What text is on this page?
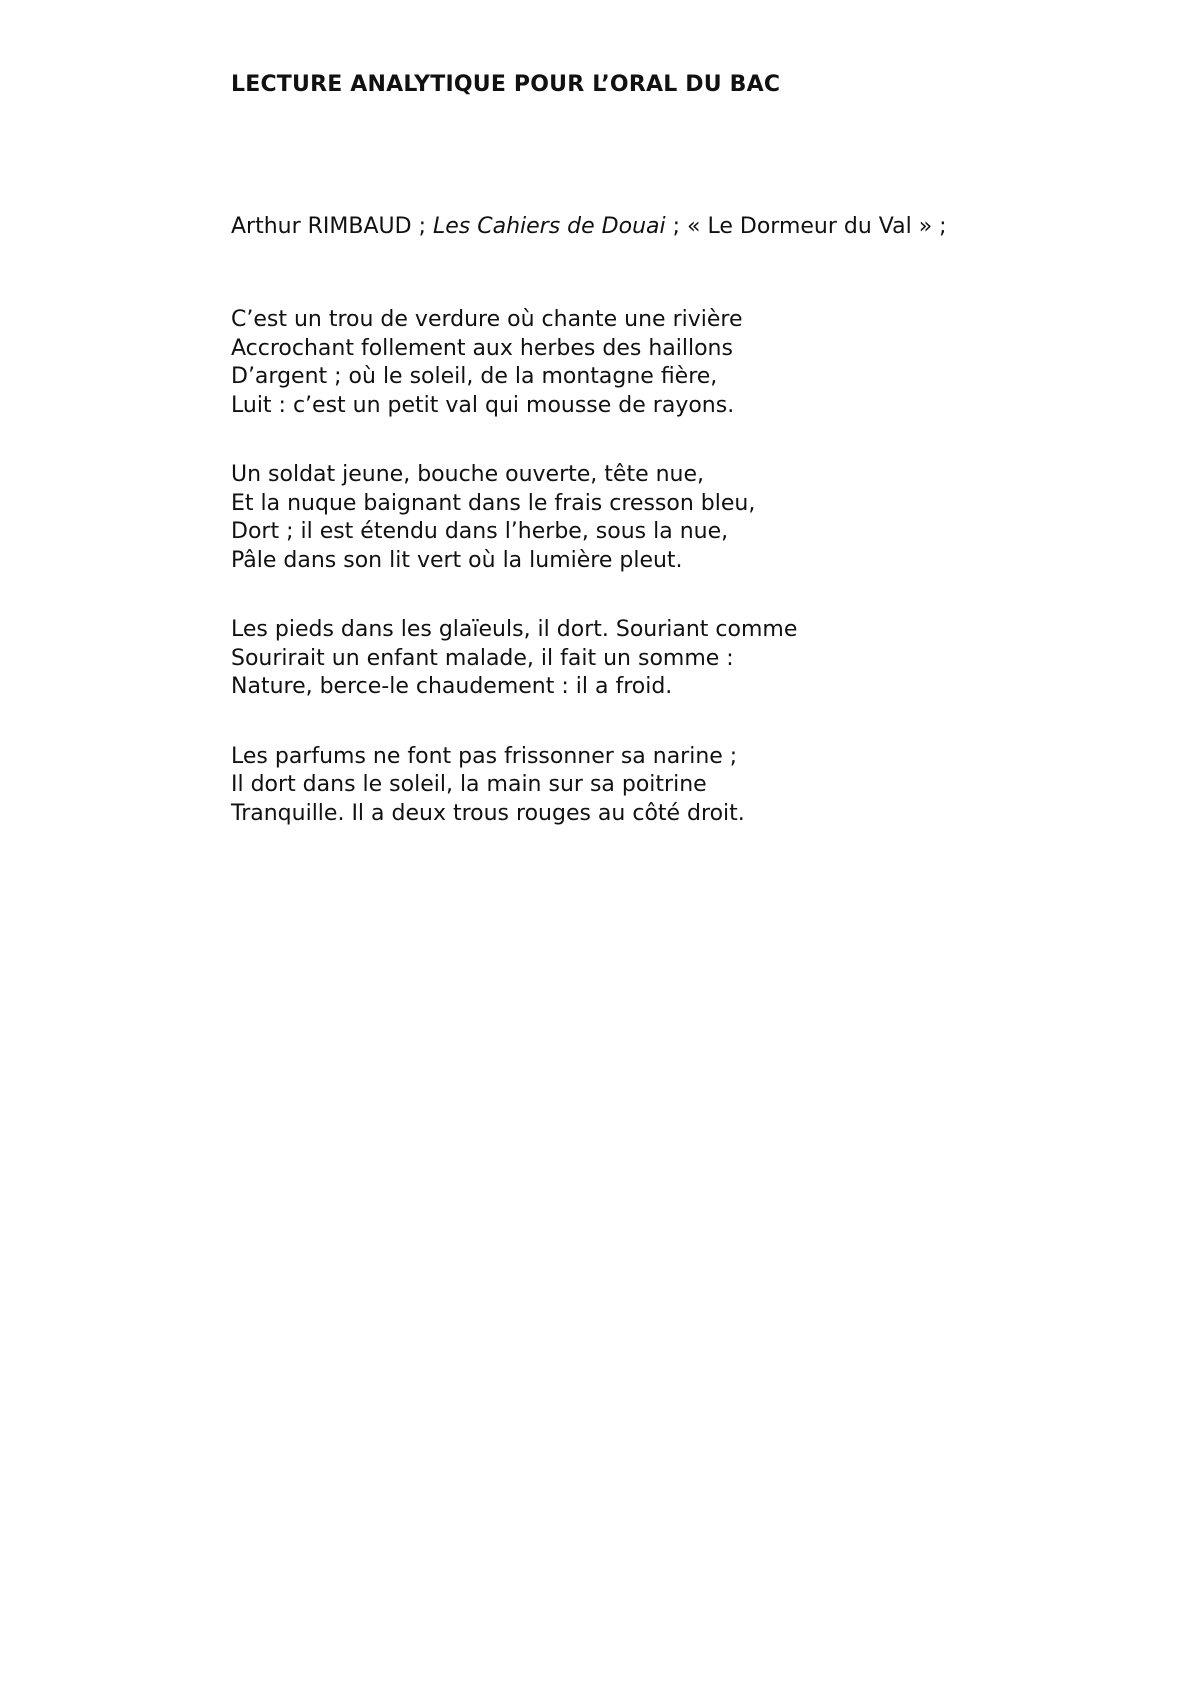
LECTURE ANALYTIQUE POUR L’ORAL DU BAC

Arthur RIMBAUD ; Les Cahiers de Douai ; « Le Dormeur du Val » ;

C’est un trou de verdure où chante une rivière
Accrochant follement aux herbes des haillons
D’argent ; où le soleil, de la montagne fière,
Luit : c’est un petit val qui mousse de rayons.
Un soldat jeune, bouche ouverte, tête nue,
Et la nuque baignant dans le frais cresson bleu,
Dort ; il est étendu dans l’herbe, sous la nue,
Pâle dans son lit vert où la lumière pleut.
Les pieds dans les glaïeuls, il dort. Souriant comme
Sourirait un enfant malade, il fait un somme :
Nature, berce-le chaudement : il a froid.
Les parfums ne font pas frissonner sa narine ;
Il dort dans le soleil, la main sur sa poitrine
Tranquille. Il a deux trous rouges au côté droit.
